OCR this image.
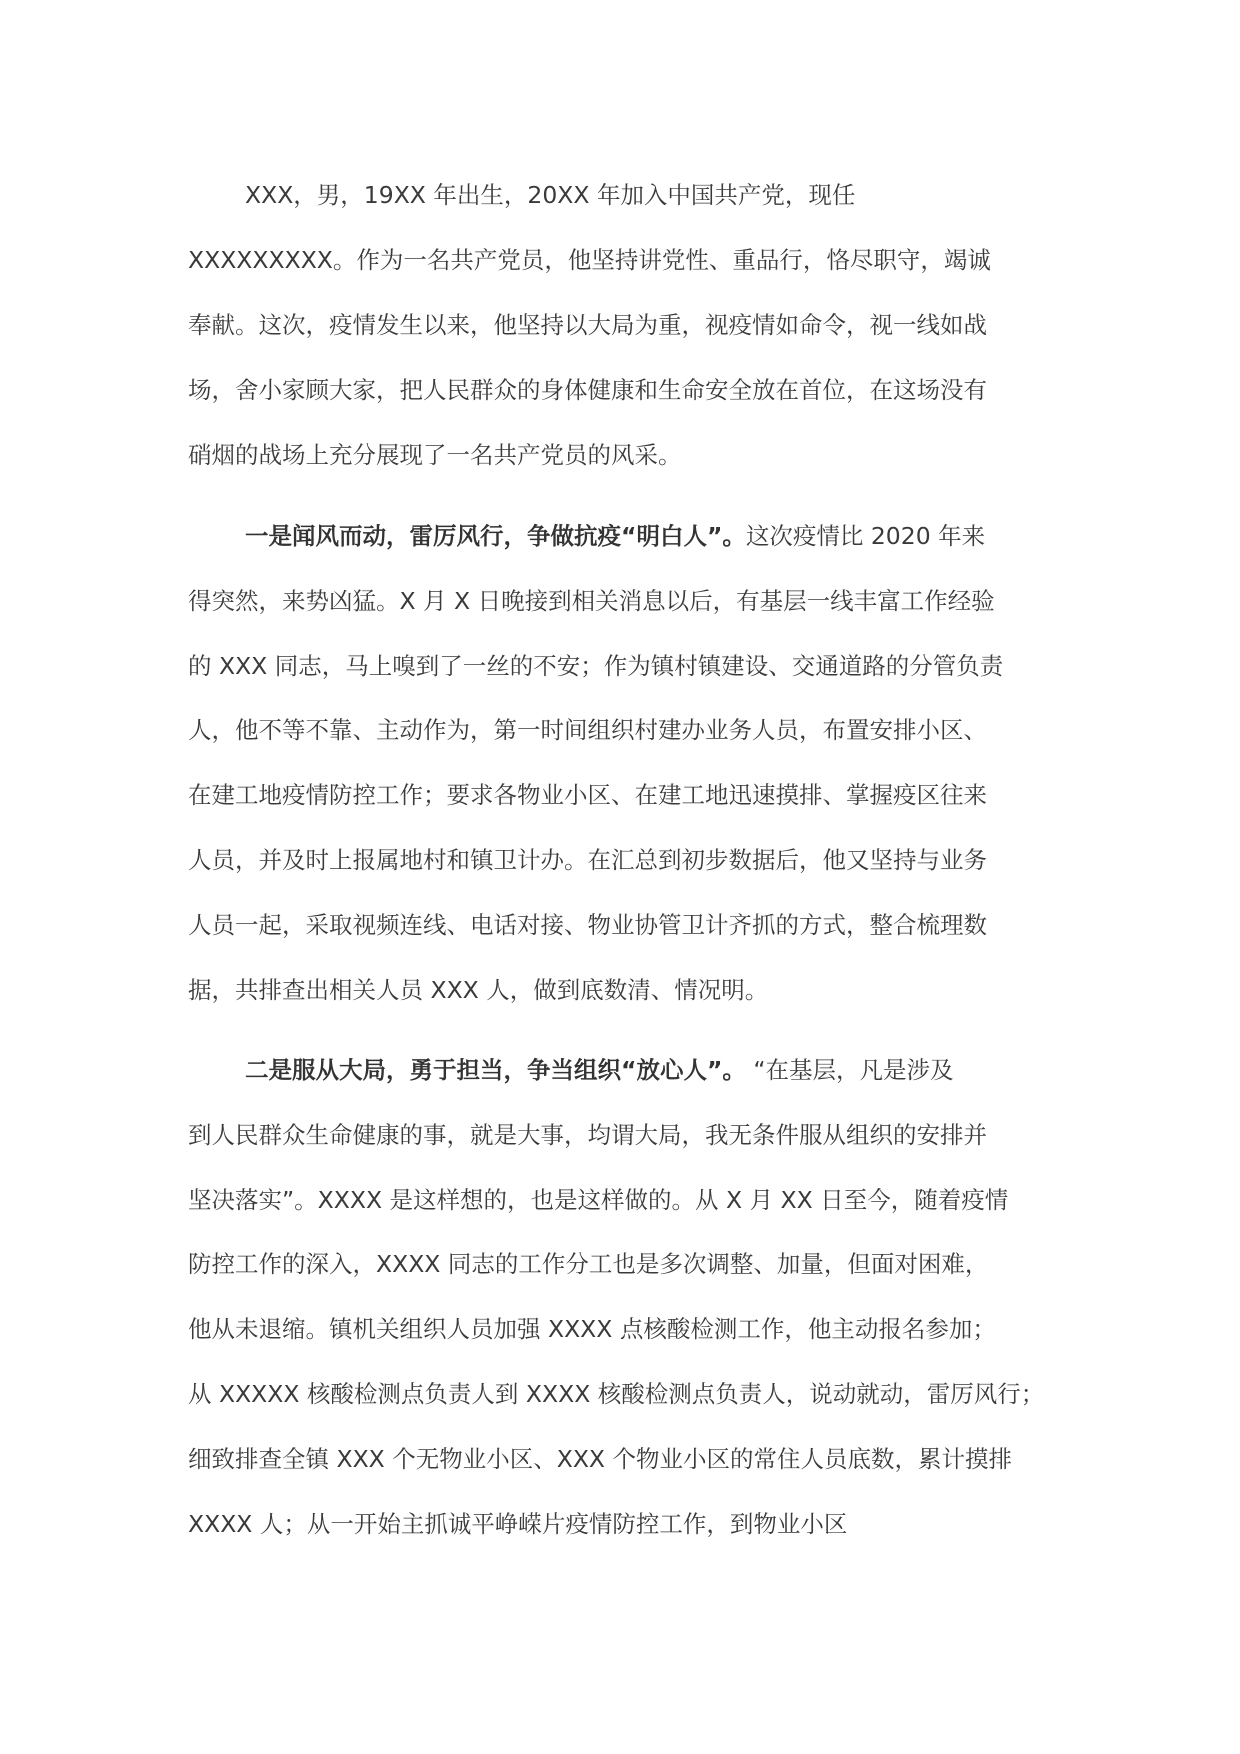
XXX，男，19XX 年出生，20XX 年加入中国共产党，现任
XXXXXXXXX。作为一名共产党员，他坚持讲党性、重品行，恪尽职守，竭诚
奉献。这次，疫情发生以来，他坚持以大局为重，视疫情如命令，视一线如战
场，舍小家顾大家，把人民群众的身体健康和生命安全放在首位，在这场没有
硝烟的战场上充分展现了一名共产党员的风采。
一是闻风而动，雷厉风行，争做抗疫“明白人”。这次疫情比 2020 年来
得突然，来势凶猛。X 月 X 日晚接到相关消息以后，有基层一线丰富工作经验
的 XXX 同志，马上嗅到了一丝的不安；作为镇村镇建设、交通道路的分管负责
人，他不等不靠、主动作为，第一时间组织村建办业务人员，布置安排小区、
在建工地疫情防控工作；要求各物业小区、在建工地迅速摸排、掌握疫区往来
人员，并及时上报属地村和镇卫计办。在汇总到初步数据后，他又坚持与业务
人员一起，采取视频连线、电话对接、物业协管卫计齐抓的方式，整合梳理数
据，共排查出相关人员 XXX 人，做到底数清、情况明。
二是服从大局，勇于担当，争当组织“放心人”。 “在基层，凡是涉及
到人民群众生命健康的事，就是大事，均谓大局，我无条件服从组织的安排并
坚决落实”。XXXX 是这样想的，也是这样做的。从 X 月 XX 日至今，随着疫情
防控工作的深入，XXXX 同志的工作分工也是多次调整、加量，但面对困难，
他从未退缩。镇机关组织人员加强 XXXX 点核酸检测工作，他主动报名参加；
从 XXXXX 核酸检测点负责人到 XXXX 核酸检测点负责人，说动就动，雷厉风行；
细致排查全镇 XXX 个无物业小区、XXX 个物业小区的常住人员底数，累计摸排
XXXX 人；从一开始主抓诚平峥嵘片疫情防控工作，到物业小区
